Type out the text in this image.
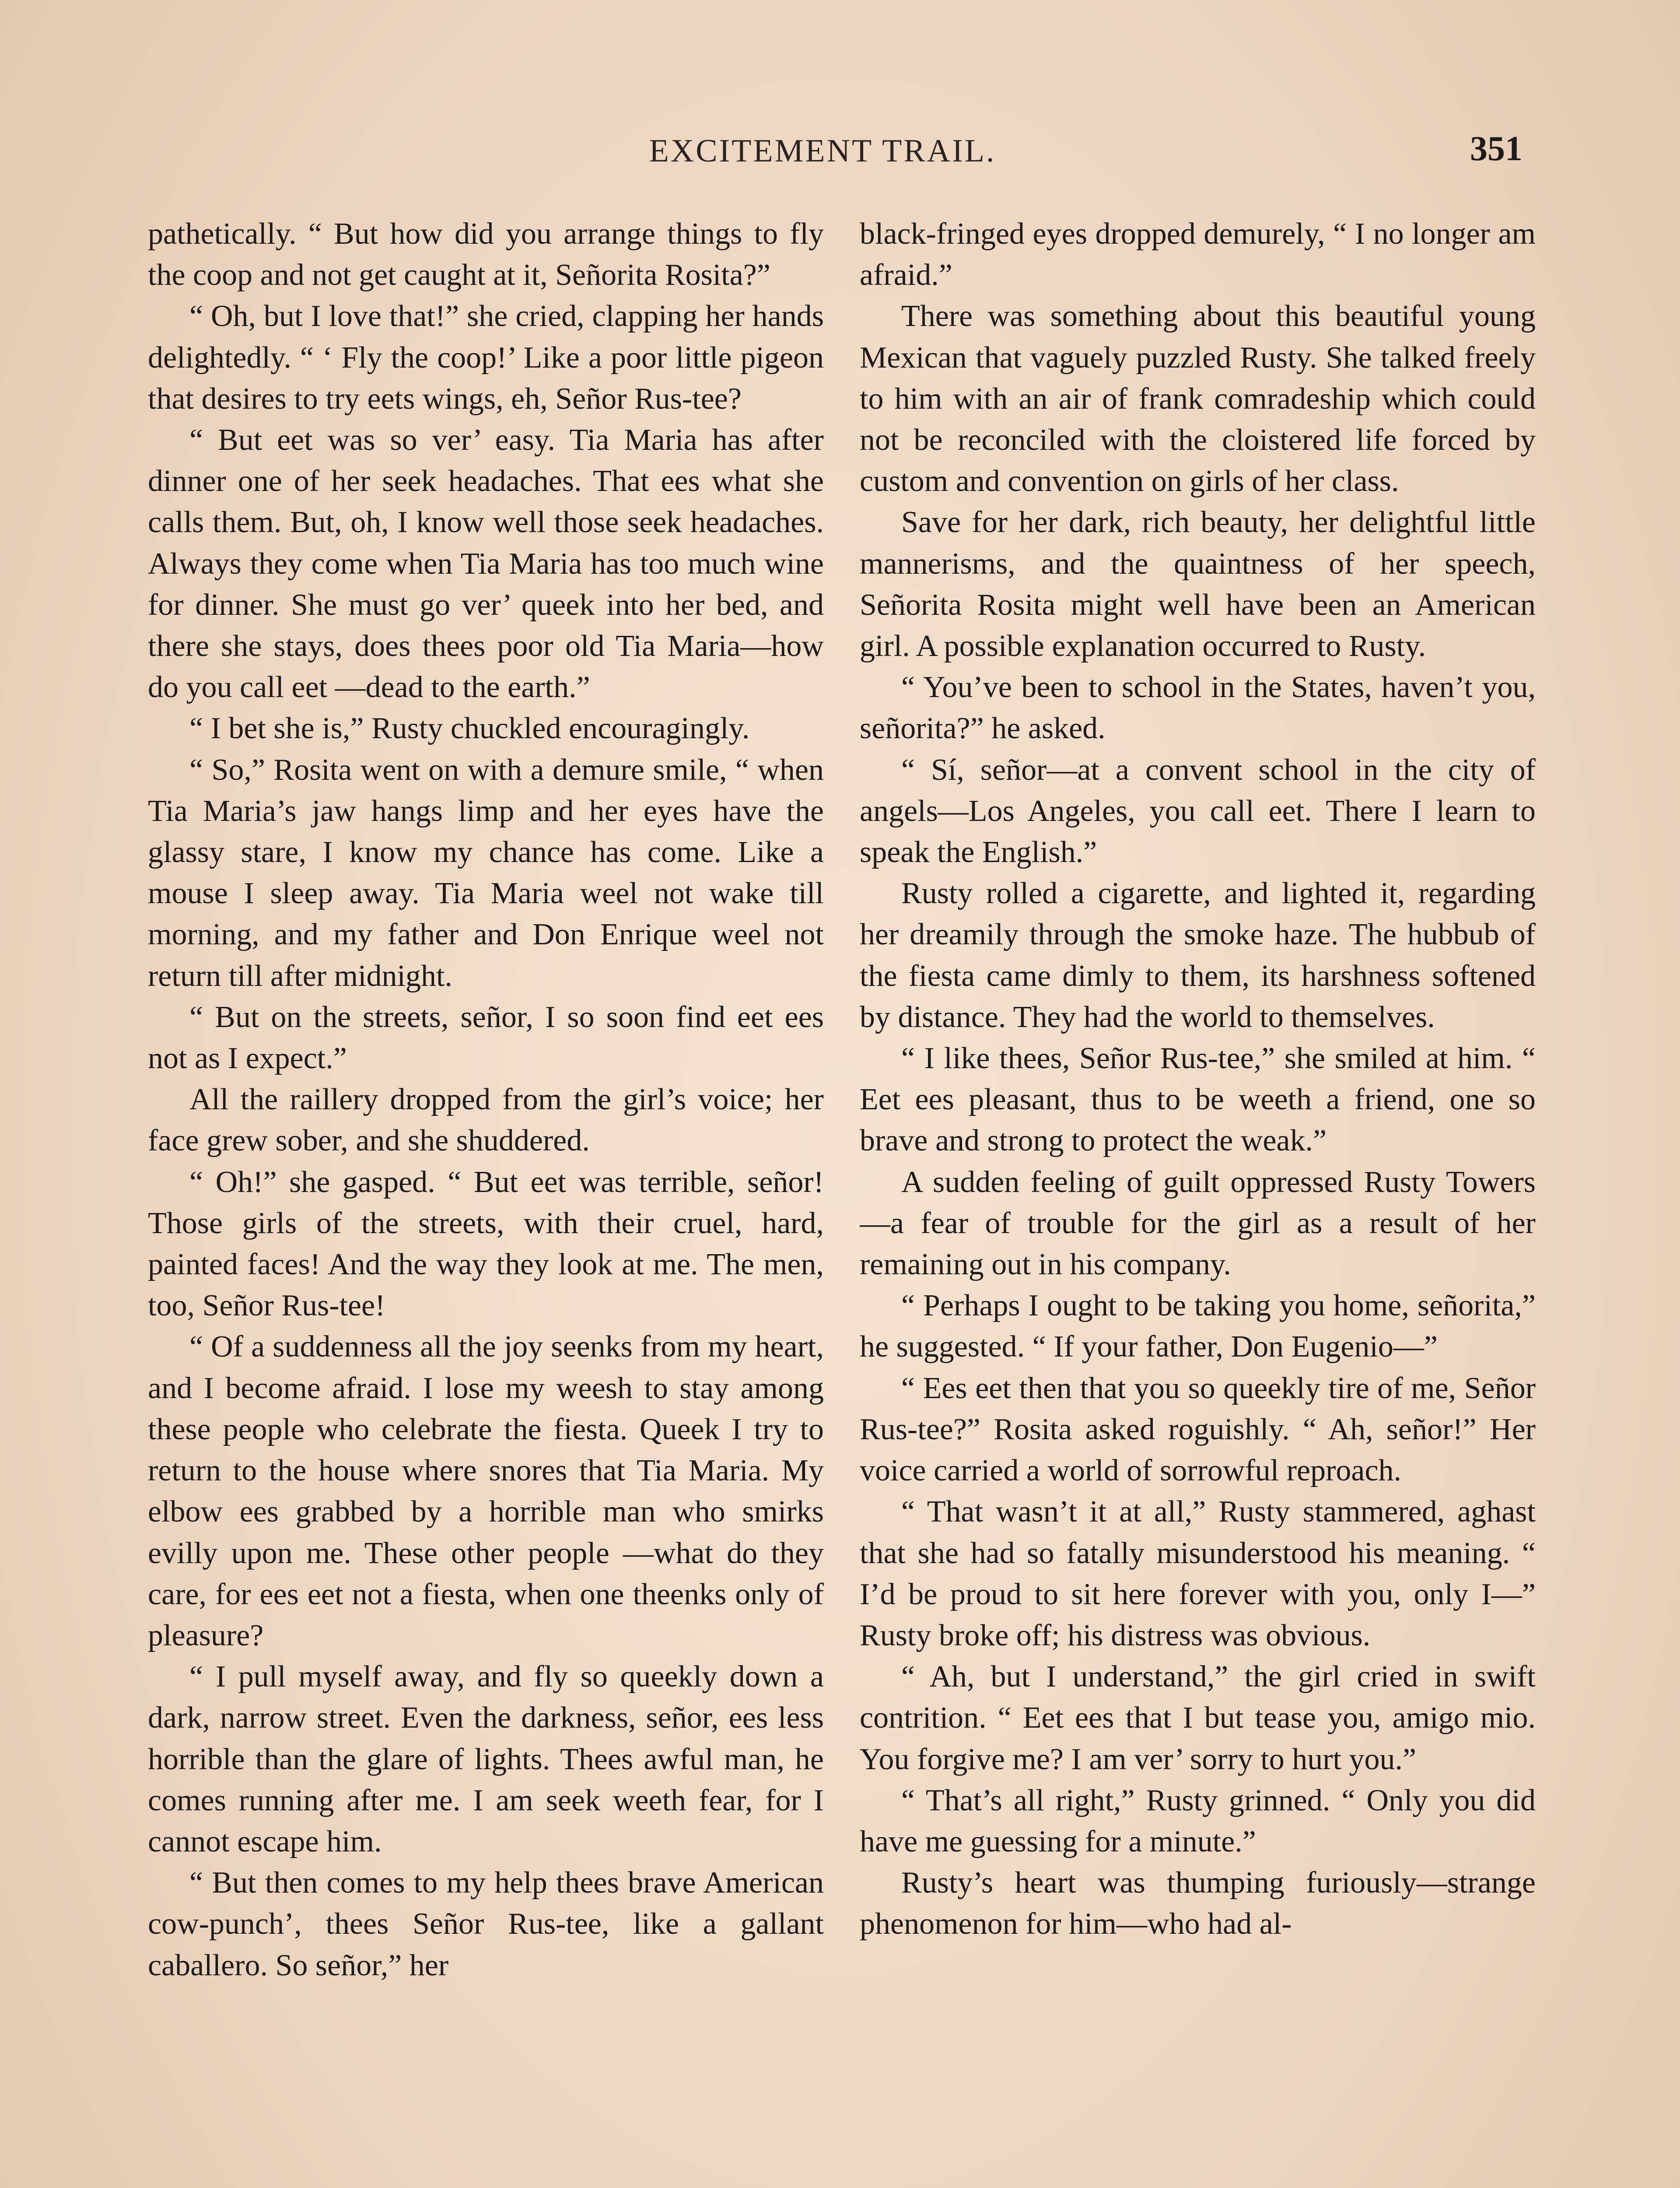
EXCITEMENT TRAIL.	351

pathetically. “ But how did you arrange things to fly the coop and not get caught at it, Señorita Rosita?”

“ Oh, but I love that!” she cried, clapping her hands delightedly. “ ‘ Fly the coop!’ Like a poor little pigeon that desires to try eets wings, eh, Señor Rus-tee?

“ But eet was so ver’ easy. Tia Maria has after dinner one of her seek headaches. That ees what she calls them. But, oh, I know well those seek headaches. Always they come when Tia Maria has too much wine for dinner. She must go ver’ queek into her bed, and there she stays, does thees poor old Tia Maria—how do you call eet —dead to the earth.”

“ I bet she is,” Rusty chuckled encouragingly.

“ So,” Rosita went on with a demure smile, “ when Tia Maria’s jaw hangs limp and her eyes have the glassy stare, I know my chance has come. Like a mouse I sleep away. Tia Maria weel not wake till morning, and my father and Don Enrique weel not return till after midnight.

“ But on the streets, señor, I so soon find eet ees not as I expect.”

All the raillery dropped from the girl’s voice; her face grew sober, and she shuddered.

“ Oh!” she gasped. “ But eet was terrible, señor! Those girls of the streets, with their cruel, hard, painted faces! And the way they look at me. The men, too, Señor Rus-tee!

“ Of a suddenness all the joy seenks from my heart, and I become afraid. I lose my weesh to stay among these people who celebrate the fiesta. Queek I try to return to the house where snores that Tia Maria. My elbow ees grabbed by a horrible man who smirks evilly upon me. These other people —what do they care, for ees eet not a fiesta, when one theenks only of pleasure?

“ I pull myself away, and fly so queekly down a dark, narrow street. Even the darkness, señor, ees less horrible than the glare of lights. Thees awful man, he comes running after me. I am seek weeth fear, for I cannot escape him.

“ But then comes to my help thees brave American cow-punch’, thees Señor Rus-tee, like a gallant caballero. So señor,” her

black-fringed eyes dropped demurely, “ I no longer am afraid.”

There was something about this beautiful young Mexican that vaguely puzzled Rusty. She talked freely to him with an air of frank comradeship which could not be reconciled with the cloistered life forced by custom and convention on girls of her class.

Save for her dark, rich beauty, her delightful little mannerisms, and the quaintness of her speech, Señorita Rosita might well have been an American girl. A possible explanation occurred to Rusty.

“ You’ve been to school in the States, haven’t you, señorita?” he asked.

“ Sí, señor—at a convent school in the city of angels—Los Angeles, you call eet. There I learn to speak the English.”

Rusty rolled a cigarette, and lighted it, regarding her dreamily through the smoke haze. The hubbub of the fiesta came dimly to them, its harshness softened by distance. They had the world to themselves.

“ I like thees, Señor Rus-tee,” she smiled at him. “ Eet ees pleasant, thus to be weeth a friend, one so brave and strong to protect the weak.”

A sudden feeling of guilt oppressed Rusty Towers—a fear of trouble for the girl as a result of her remaining out in his company.

“ Perhaps I ought to be taking you home, señorita,” he suggested. “ If your father, Don Eugenio—”

“ Ees eet then that you so queekly tire of me, Señor Rus-tee?” Rosita asked roguishly. “ Ah, señor!” Her voice carried a world of sorrowful reproach.

“ That wasn’t it at all,” Rusty stammered, aghast that she had so fatally misunderstood his meaning. “ I’d be proud to sit here forever with you, only I—” Rusty broke off; his distress was obvious.

“ Ah, but I understand,” the girl cried in swift contrition. “ Eet ees that I but tease you, amigo mio. You forgive me? I am ver’ sorry to hurt you.”

“ That’s all right,” Rusty grinned. “ Only you did have me guessing for a minute.”

Rusty’s heart was thumping furiously—strange phenomenon for him—who had al-
